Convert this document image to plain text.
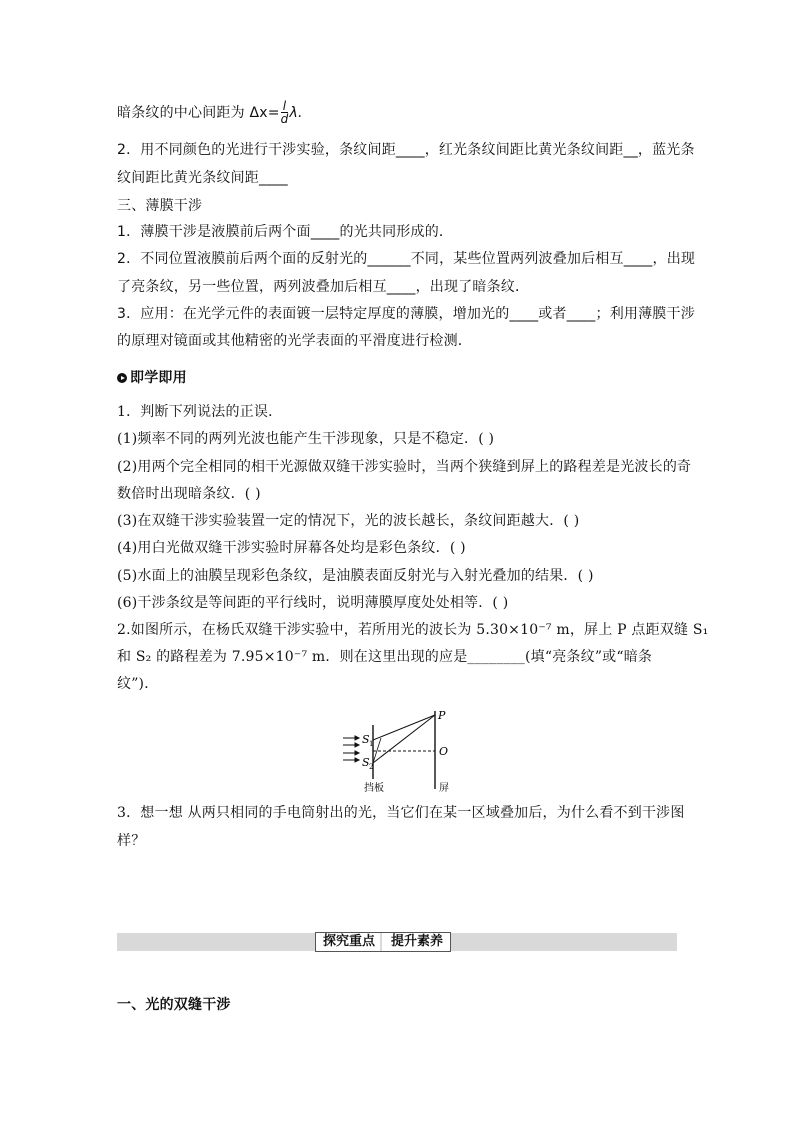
暗条纹的中心间距为 $\Delta x= \frac{l}{d} \lambda$.
2．用不同颜色的光进行干涉实验，条纹间距____，红光条纹间距比黄光条纹间距__，蓝光条
纹间距比黄光条纹间距____
三、薄膜干涉
1．薄膜干涉是液膜前后两个面____的光共同形成的．
2．不同位置液膜前后两个面的反射光的______不同，某些位置两列波叠加后相互____，出现
了亮条纹，另一些位置，两列波叠加后相互____，出现了暗条纹．
3．应用：在光学元件的表面镀一层特定厚度的薄膜，增加光的____或者____；利用薄膜干涉
的原理对镜面或其他精密的光学表面的平滑度进行检测．
即学即用
1．判断下列说法的正误．
(1)频率不同的两列光波也能产生干涉现象，只是不稳定．( )
(2)用两个完全相同的相干光源做双缝干涉实验时，当两个狭缝到屏上的路程差是光波长的奇
数倍时出现暗条纹．( )
(3)在双缝干涉实验装置一定的情况下，光的波长越长，条纹间距越大．( )
(4)用白光做双缝干涉实验时屏幕各处均是彩色条纹．( )
(5)水面上的油膜呈现彩色条纹，是油膜表面反射光与入射光叠加的结果．( )
(6)干涉条纹是等间距的平行线时，说明薄膜厚度处处相等．( )
2.如图所示，在杨氏双缝干涉实验中，若所用光的波长为 5.30×10⁻⁷ m，屏上 P 点距双缝 S₁
和 S₂ 的路程差为 7.95×10⁻⁷ m．则在这里出现的应是________(填“亮条纹”或“暗条
纹”)．
3．想一想 从两只相同的手电筒射出的光，当它们在某一区域叠加后，为什么看不到干涉图
样？
一、光的双缝干涉
P
O
S 1
S 2
挡板	屏
探究重点	提升素养
